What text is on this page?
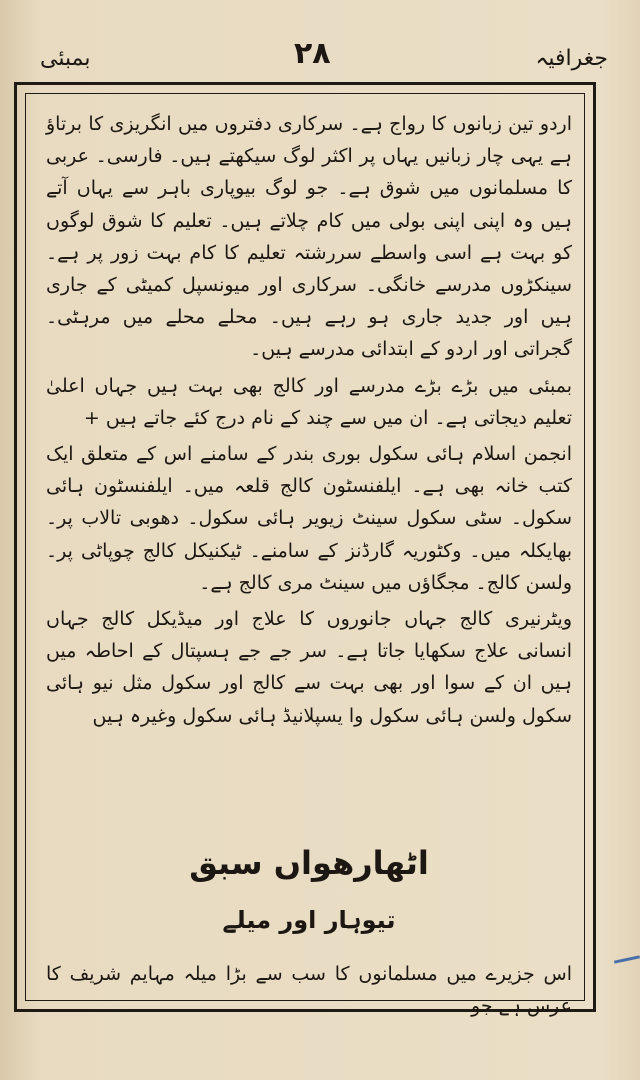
بمبئی	۲۸	جغرافیہ

اردو تین زبانوں کا رواج ہے۔ سرکاری دفتروں میں انگریزی کا برتاؤ ہے یہی چار زبانیں یہاں پر اکثر لوگ سیکھتے ہیں۔ فارسی۔ عربی کا مسلمانوں میں شوق ہے۔ جو لوگ بیوپاری باہر سے یہاں آتے ہیں وہ اپنی اپنی بولی میں کام چلاتے ہیں۔ تعلیم کا شوق لوگوں کو بہت ہے اسی واسطے سررشتہ تعلیم کا کام بہت زور پر ہے۔ سینکڑوں مدرسے خانگی۔ سرکاری اور میونسپل کمیٹی کے جاری ہیں اور جدید جاری ہو رہے ہیں۔ محلے محلے میں مرہٹی۔ گجراتی اور اردو کے ابتدائی مدرسے ہیں۔

بمبئی میں بڑے بڑے مدرسے اور کالج بھی بہت ہیں جہاں اعلیٰ تعلیم دیجاتی ہے۔ ان میں سے چند کے نام درج کئے جاتے ہیں +

انجمن اسلام ہائی سکول بوری بندر کے سامنے اس کے متعلق ایک کتب خانہ بھی ہے۔ ایلفنسٹون کالج قلعہ میں۔ ایلفنسٹون ہائی سکول۔ سٹی سکول سینٹ زیویر ہائی سکول۔ دھوبی تالاب پر۔ بھایکلہ میں۔ وکٹوریہ گارڈنز کے سامنے۔ ٹیکنیکل کالج چوپاٹی پر۔ ولسن کالج۔ مجگاؤں میں سینٹ مری کالج ہے۔

ویٹرنیری کالج جہاں جانوروں کا علاج اور میڈیکل کالج جہاں انسانی علاج سکھایا جاتا ہے۔ سر جے جے ہسپتال کے احاطہ میں ہیں ان کے سوا اور بھی بہت سے کالج اور سکول مثل نیو ہائی سکول ولسن ہائی سکول وا یسپلانیڈ ہائی سکول وغیرہ ہیں

اٹھارھواں سبق
تیوہار اور میلے
اس جزیرے میں مسلمانوں کا سب سے بڑا میلہ مہایم شریف کا عرس ہے جو
